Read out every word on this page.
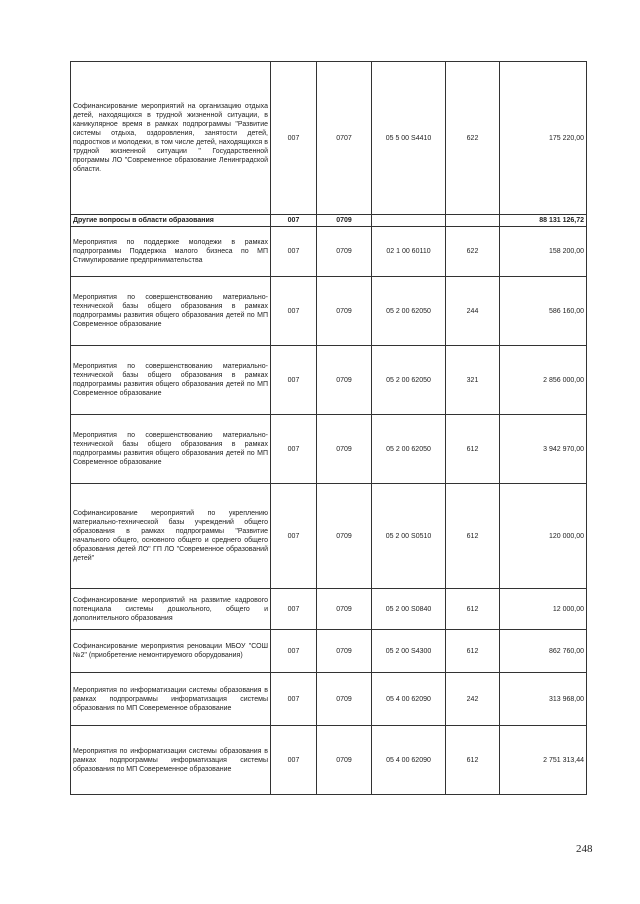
Софинансирование мероприятий на организацию отдыха детей, находящихся в трудной жизненной ситуации, в каникулярное время в рамках подпрограммы "Развитие системы отдыха, оздоровления, занятости детей, подростков и молодежи, в том числе детей, находящихся в трудной жизненной ситуации " Государственной программы ЛО "Современное образование Ленинградской области.	007	0707	05 5 00 S4410	622	175 220,00
Другие вопросы в области образования	007	0709			88 131 126,72
Мероприятия по поддержке молодежи в рамках подпрограммы Поддержка малого бизнеса по МП Стимулирование предпринимательства	007	0709	02 1 00 60110	622	158 200,00
Мероприятия по совершенствованию материально-технической базы общего образования в рамках подпрограммы развития общего образования детей по МП Современное образование	007	0709	05 2 00 62050	244	586 160,00
Мероприятия по совершенствованию материально-технической базы общего образования в рамках подпрограммы развития общего образования детей по МП Современное образование	007	0709	05 2 00 62050	321	2 856 000,00
Мероприятия по совершенствованию материально-технической базы общего образования в рамках подпрограммы развития общего образования детей по МП Современное образование	007	0709	05 2 00 62050	612	3 942 970,00
Софинансирование мероприятий по укреплению материально-технической базы учреждений общего образования в рамках подпрограммы "Развитие начального общего, основного общего и среднего общего образования детей ЛО" ГП ЛО "Современное образований детей"	007	0709	05 2 00 S0510	612	120 000,00
Софинансирование мероприятий на развитие кадрового потенциала системы дошкольного, общего и дополнительного образования	007	0709	05 2 00 S0840	612	12 000,00
Софинансирование мероприятия реновации МБОУ "СОШ №2" (приобретение немонтируемого оборудования)	007	0709	05 2 00 S4300	612	862 760,00
Мероприятия по информатизации системы образования в рамках подпрограммы информатизация системы образования по МП Совеременное образование	007	0709	05 4 00 62090	242	313 968,00
Мероприятия по информатизации системы образования в рамках подпрограммы информатизация системы образования по МП Совеременное образование	007	0709	05 4 00 62090	612	2 751 313,44
248
